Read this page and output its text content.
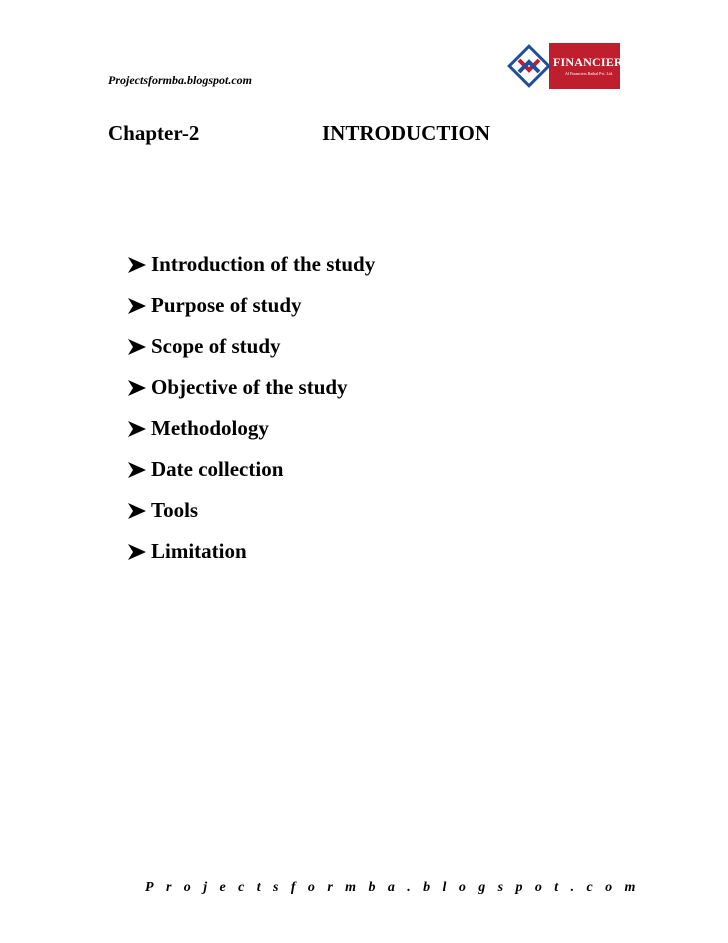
Projectsformba.blogspot.com
FINANCIERs
Al Financiers Rathal Pvt. Ltd.
Chapter-2	INTRODUCTION
Introduction of the study
Purpose of study
Scope of study
Objective of the study
Methodology
Date collection
Tools
Limitation
Projectsformba.blogspot.com
